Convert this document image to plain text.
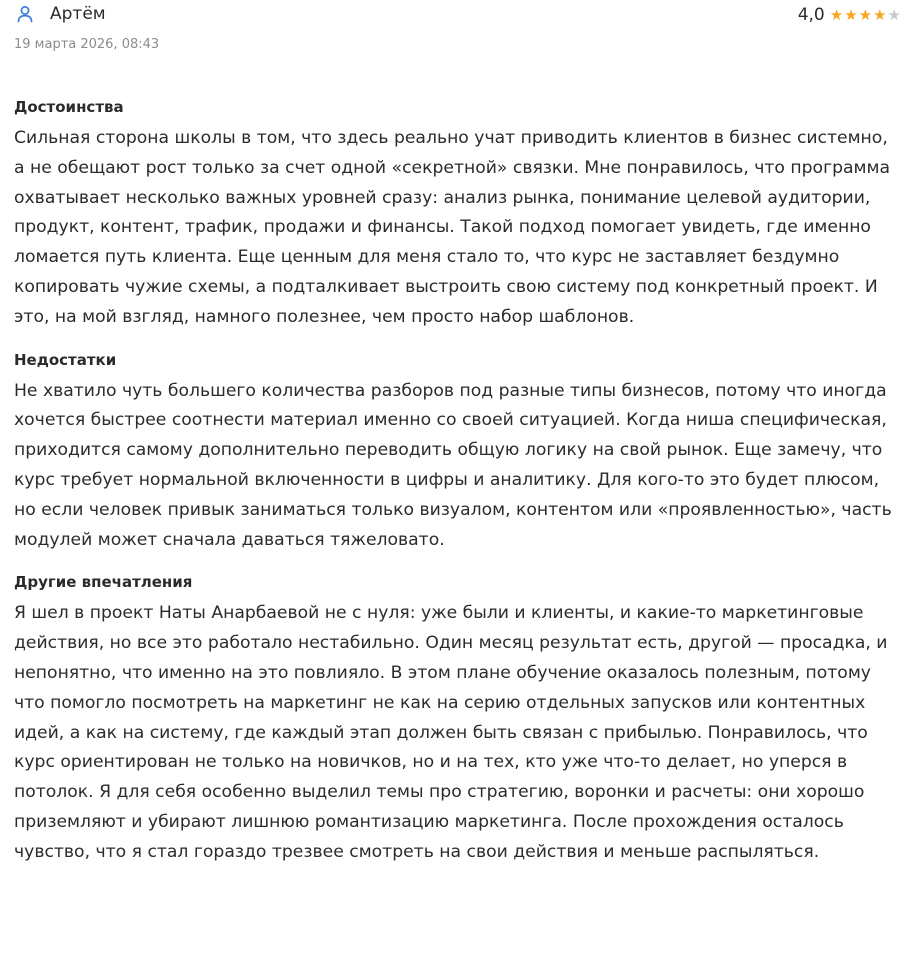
Артём
19 марта 2026, 08:43
4,0 ★ ★ ★ ★ ★
Достоинства

Сильная сторона школы в том, что здесь реально учат приводить клиентов в бизнес системно, а не обещают рост только за счет одной «секретной» связки. Мне понравилось, что программа охватывает несколько важных уровней сразу: анализ рынка, понимание целевой аудитории, продукт, контент, трафик, продажи и финансы. Такой подход помогает увидеть, где именно ломается путь клиента. Еще ценным для меня стало то, что курс не заставляет бездумно копировать чужие схемы, а подталкивает выстроить свою систему под конкретный проект. И это, на мой взгляд, намного полезнее, чем просто набор шаблонов.

Недостатки

Не хватило чуть большего количества разборов под разные типы бизнесов, потому что иногда хочется быстрее соотнести материал именно со своей ситуацией. Когда ниша специфическая, приходится самому дополнительно переводить общую логику на свой рынок. Еще замечу, что курс требует нормальной включенности в цифры и аналитику. Для кого-то это будет плюсом, но если человек привык заниматься только визуалом, контентом или «проявленностью», часть модулей может сначала даваться тяжеловато.

Другие впечатления

Я шел в проект Наты Анарбаевой не с нуля: уже были и клиенты, и какие-то маркетинговые действия, но все это работало нестабильно. Один месяц результат есть, другой — просадка, и непонятно, что именно на это повлияло. В этом плане обучение оказалось полезным, потому что помогло посмотреть на маркетинг не как на серию отдельных запусков или контентных идей, а как на систему, где каждый этап должен быть связан с прибылью. Понравилось, что курс ориентирован не только на новичков, но и на тех, кто уже что-то делает, но уперся в потолок. Я для себя особенно выделил темы про стратегию, воронки и расчеты: они хорошо приземляют и убирают лишнюю романтизацию маркетинга. После прохождения осталось чувство, что я стал гораздо трезвее смотреть на свои действия и меньше распыляться.
